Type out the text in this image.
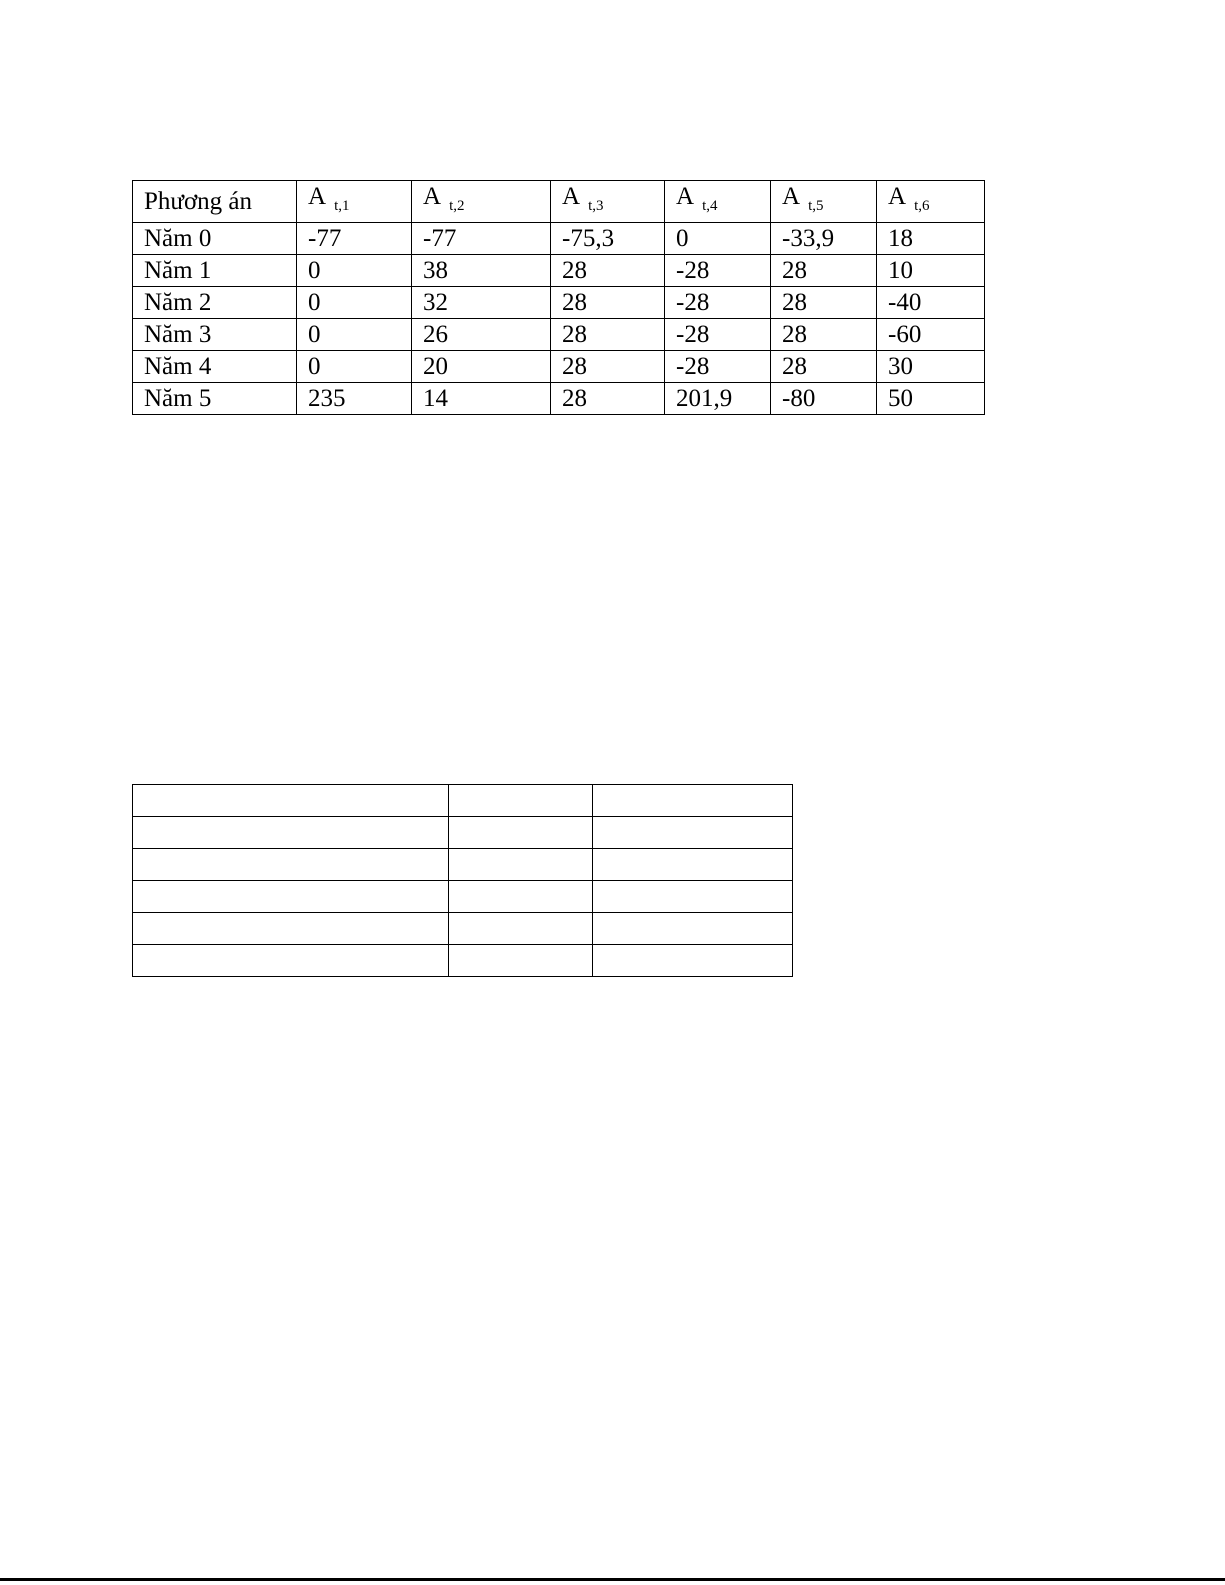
Phương án	A $_{t,1}$	A $_{t,2}$	A $_{t,3}$	A $_{t,4}$	A $_{t,5}$	A $_{t,6}$
Năm 0	-77	-77	-75,3	0	-33,9	18
Năm 1	0	38	28	-28	28	10
Năm 2	0	32	28	-28	28	-40
Năm 3	0	26	28	-28	28	-60
Năm 4	0	20	28	-28	28	30
Năm 5	235	14	28	201,9	-80	50
